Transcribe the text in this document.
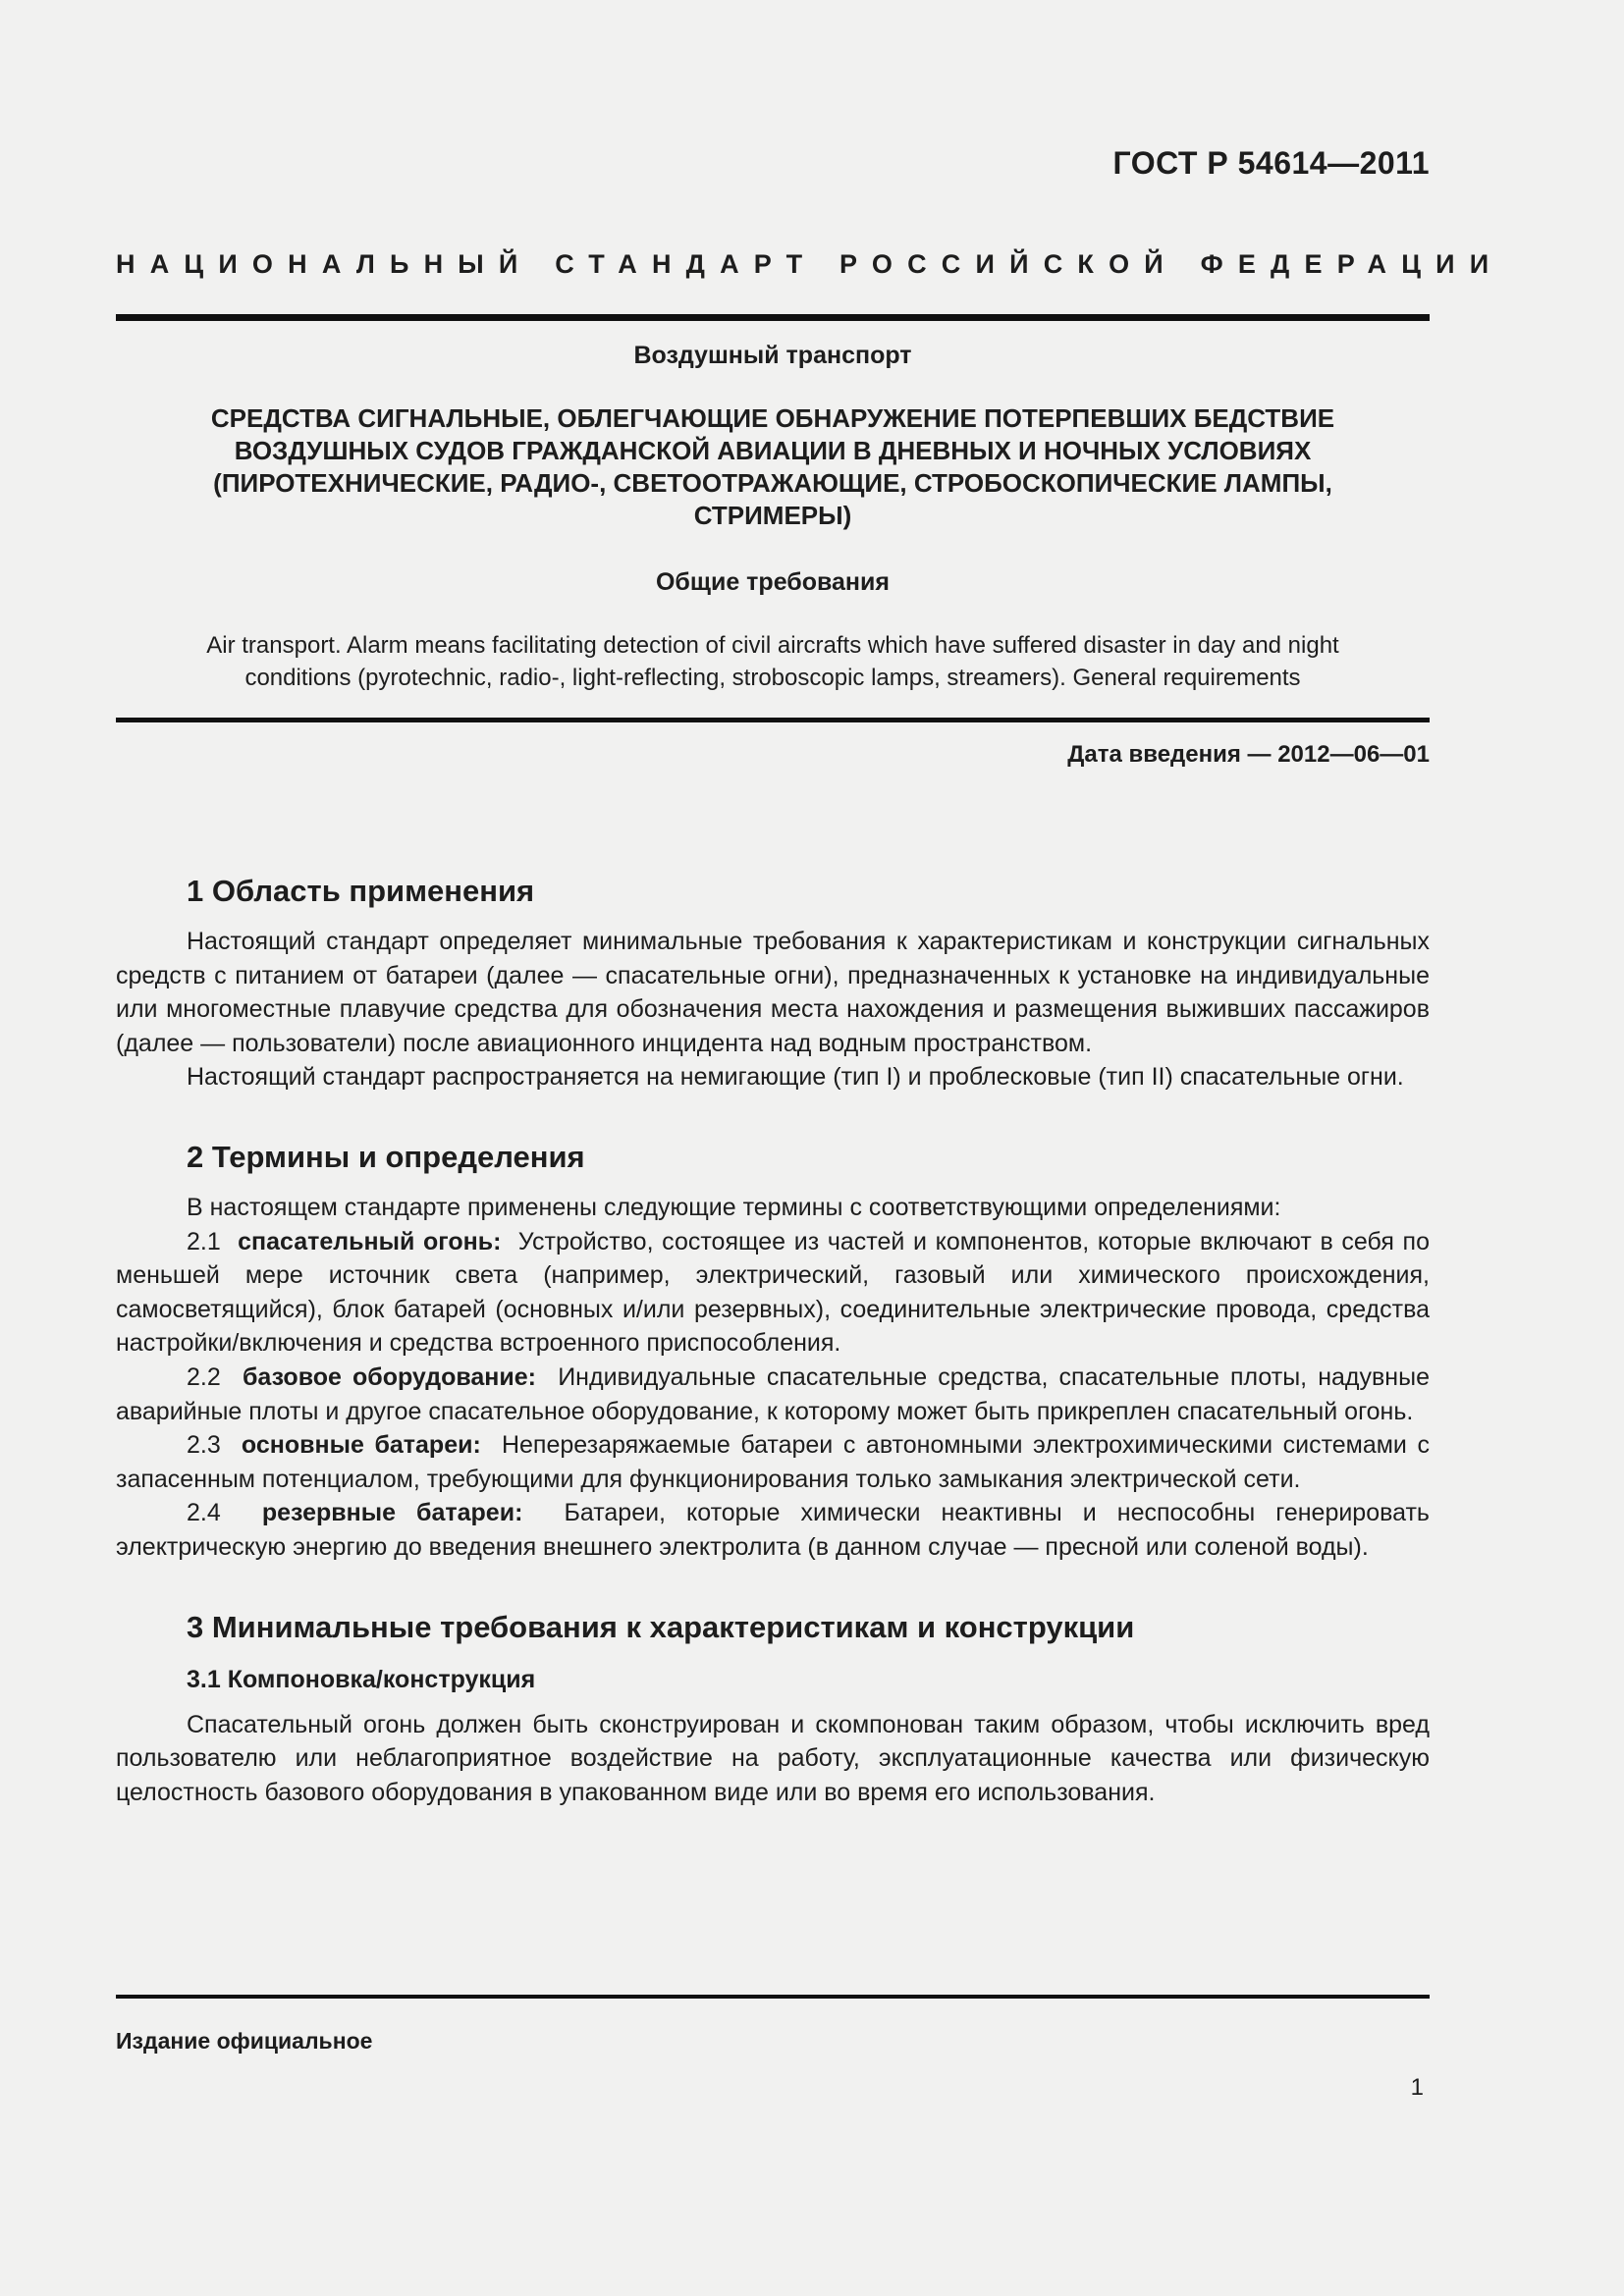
ГОСТ Р 54614—2011
НАЦИОНАЛЬНЫЙ СТАНДАРТ РОССИЙСКОЙ ФЕДЕРАЦИИ
Воздушный транспорт
СРЕДСТВА СИГНАЛЬНЫЕ, ОБЛЕГЧАЮЩИЕ ОБНАРУЖЕНИЕ ПОТЕРПЕВШИХ БЕДСТВИЕ
ВОЗДУШНЫХ СУДОВ ГРАЖДАНСКОЙ АВИАЦИИ В ДНЕВНЫХ И НОЧНЫХ УСЛОВИЯХ
(ПИРОТЕХНИЧЕСКИЕ, РАДИО-, СВЕТООТРАЖАЮЩИЕ, СТРОБОСКОПИЧЕСКИЕ ЛАМПЫ,
СТРИМЕРЫ)
Общие требования
Air transport. Alarm means facilitating detection of civil aircrafts which have suffered disaster in day and night
conditions (pyrotechnic, radio-, light-reflecting, stroboscopic lamps, streamers). General requirements
Дата введения — 2012—06—01
1 Область применения

Настоящий стандарт определяет минимальные требования к характеристикам и конструкции сигнальных средств с питанием от батареи (далее — спасательные огни), предназначенных к установке на индивидуальные или многоместные плавучие средства для обозначения места нахождения и размещения выживших пассажиров (далее — пользователи) после авиационного инцидента над водным пространством.

Настоящий стандарт распространяется на немигающие (тип I) и проблесковые (тип II) спасательные огни.

2 Термины и определения

В настоящем стандарте применены следующие термины с соответствующими определениями:

2.1 спасательный огонь: Устройство, состоящее из частей и компонентов, которые включают в себя по меньшей мере источник света (например, электрический, газовый или химического происхождения, самосветящийся), блок батарей (основных и/или резервных), соединительные электрические провода, средства настройки/включения и средства встроенного приспособления.

2.2 базовое оборудование: Индивидуальные спасательные средства, спасательные плоты, надувные аварийные плоты и другое спасательное оборудование, к которому может быть прикреплен спасательный огонь.

2.3 основные батареи: Неперезаряжаемые батареи с автономными электрохимическими системами с запасенным потенциалом, требующими для функционирования только замыкания электрической сети.

2.4 резервные батареи: Батареи, которые химически неактивны и неспособны генерировать электрическую энергию до введения внешнего электролита (в данном случае — пресной или соленой воды).

3 Минимальные требования к характеристикам и конструкции
3.1 Компоновка/конструкция

Спасательный огонь должен быть сконструирован и скомпонован таким образом, чтобы исключить вред пользователю или неблагоприятное воздействие на работу, эксплуатационные качества или физическую целостность базового оборудования в упакованном виде или во время его использования.

Издание официальное
1
